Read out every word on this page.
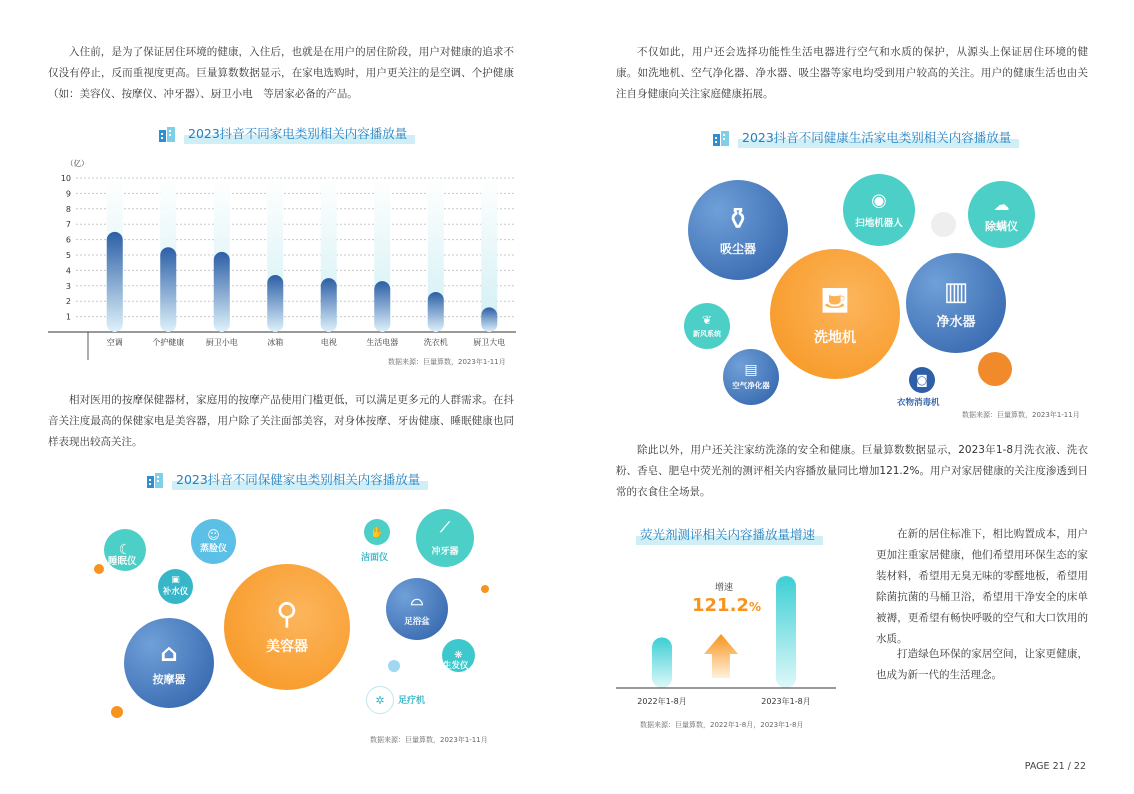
入住前，是为了保证居住环境的健康，入住后，也就是在用户的居住阶段，用户对健康的追求不仅没有停止，反而重视度更高。巨量算数数据显示，在家电选购时，用户更关注的是空调、个护健康（如：美容仪、按摩仪、冲牙器）、厨卫小电　等居家必备的产品。

2023抖音不同家电类别相关内容播放量
（亿）
1
2
3
4
5
6
7
8
9
10
空调	个护健康	厨卫小电	冰箱	电视	生活电器	洗衣机	厨卫大电
数据来源：巨量算数，2023年1-11月

相对医用的按摩保健器材，家庭用的按摩产品使用门槛更低，可以满足更多元的人群需求。在抖音关注度最高的保健家电是美容器，用户除了关注面部美容，对身体按摩、牙齿健康、睡眠健康也同样表现出较高关注。

2023抖音不同保健家电类别相关内容播放量
☾
睡眠仪
☺
蒸脸仪
▣
补水仪
⚲
美容器
⌂
按摩器
✋
洁面仪
⟋
冲牙器
⌓
足浴盆
❋
生发仪
✲ 足疗机
数据来源：巨量算数，2023年1-11月

不仅如此，用户还会选择功能性生活电器进行空气和水质的保护，从源头上保证居住环境的健康。如洗地机、空气净化器、净水器、吸尘器等家电均受到用户较高的关注。用户的健康生活也由关注自身健康向关注家庭健康拓展。

2023抖音不同健康生活家电类别相关内容播放量
⚱
吸尘器
◉
扫地机器人
☁
除螨仪
⛾
洗地机
▥
净水器
❦
新风系统
▤
空气净化器	◙
衣物消毒机
数据来源：巨量算数，2023年1-11月

除此以外，用户还关注家纺洗涤的安全和健康。巨量算数数据显示，2023年1-8月洗衣液、洗衣粉、香皂、肥皂中荧光剂的测评相关内容播放量同比增加121.2%。用户对家居健康的关注度渗透到日常的衣食住全场景。

荧光剂测评相关内容播放量增速
2022年1-8月	2023年1-8月
增速
121.2%
数据来源：巨量算数，2022年1-8月，2023年1-8月

在新的居住标准下，相比购置成本，用户更加注重家居健康，他们希望用环保生态的家装材料，希望用无臭无味的零醛地板，希望用除菌抗菌的马桶卫浴，希望用干净安全的床单被褥，更希望有畅快呼吸的空气和大口饮用的水质。

打造绿色环保的家居空间，让家更健康，也成为新一代的生活理念。

PAGE 21 / 22
